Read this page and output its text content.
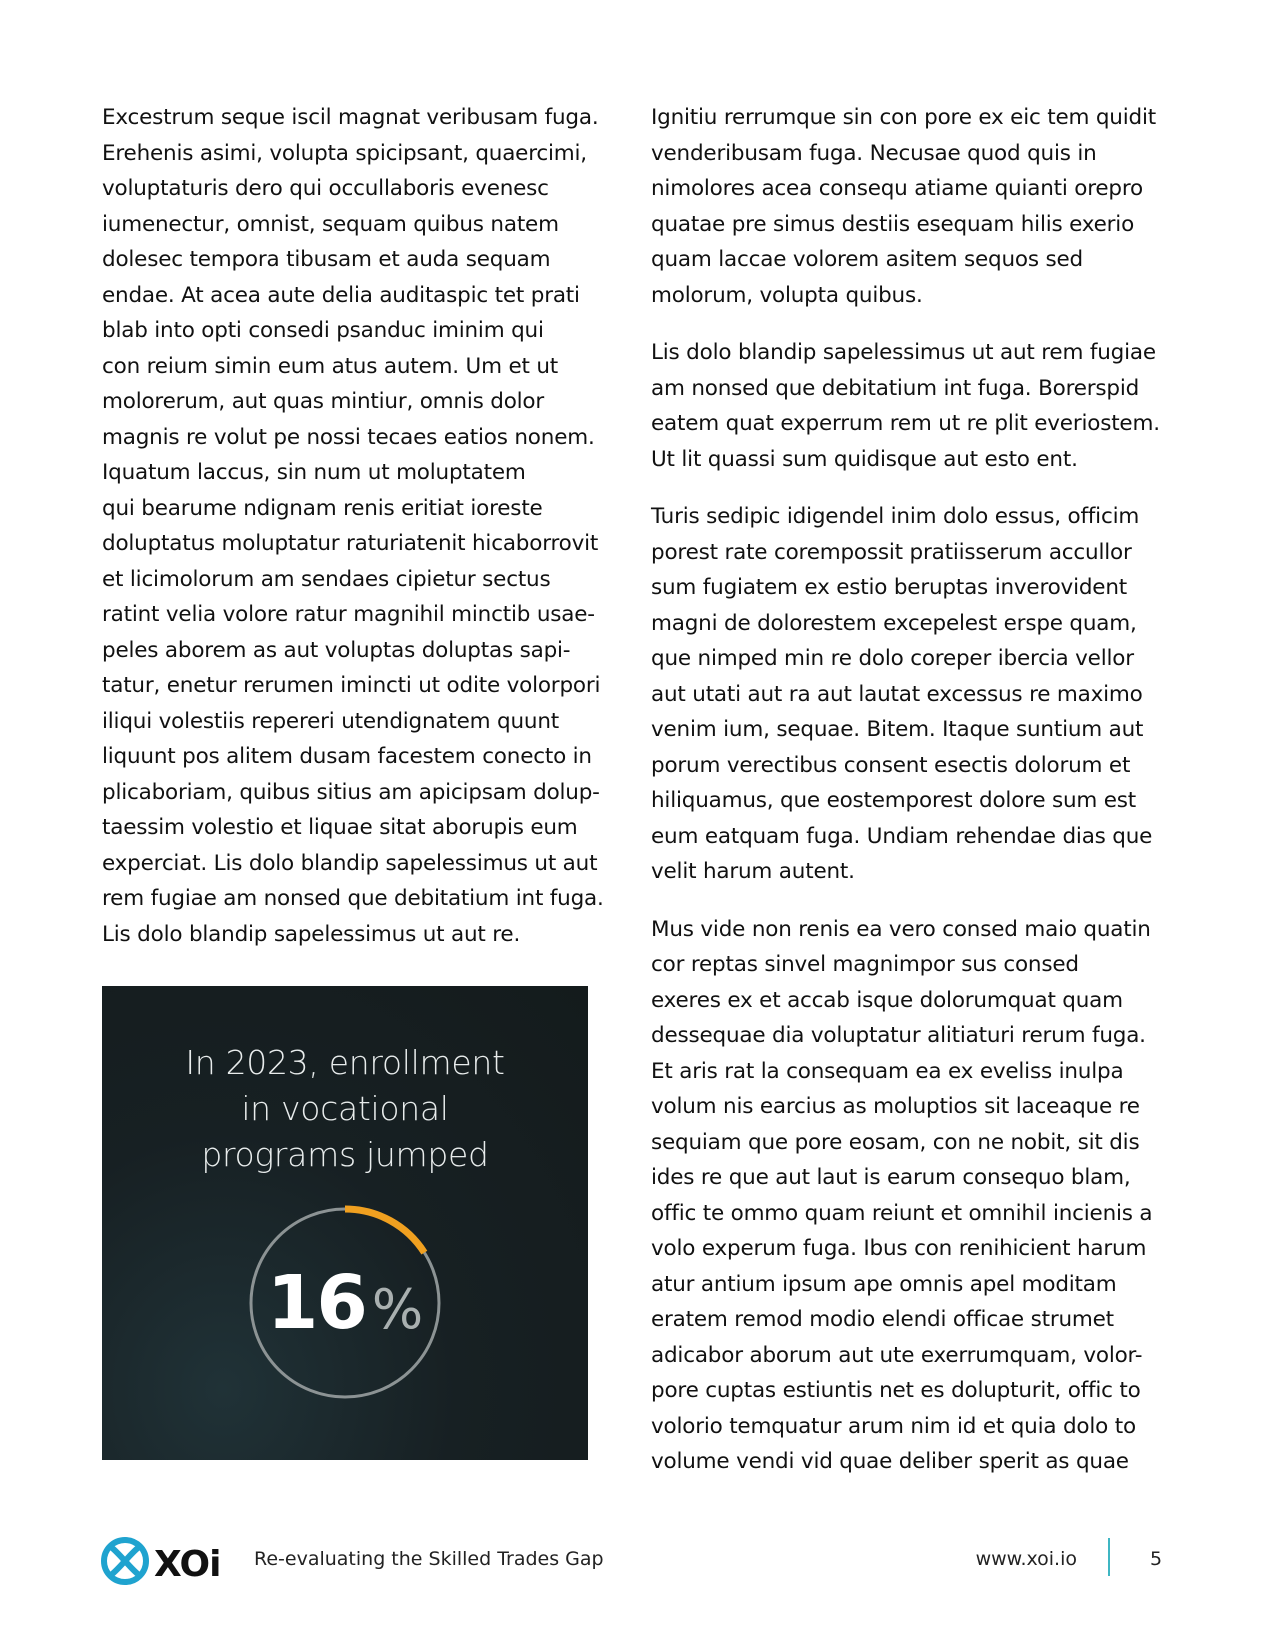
Excestrum seque iscil magnat veribusam fuga.
Erehenis asimi, volupta spicipsant, quaercimi,
voluptaturis dero qui occullaboris evenesc
iumenectur, omnist, sequam quibus natem
dolesec tempora tibusam et auda sequam
endae. At acea aute delia auditaspic tet prati
blab into opti consedi psanduc iminim qui
con reium simin eum atus autem. Um et ut
molorerum, aut quas mintiur, omnis dolor
magnis re volut pe nossi tecaes eatios nonem.
Iquatum laccus, sin num ut moluptatem
qui bearume ndignam renis eritiat ioreste
doluptatus moluptatur raturiatenit hicaborrovit
et licimolorum am sendaes cipietur sectus
ratint velia volore ratur magnihil minctib usae-
peles aborem as aut voluptas doluptas sapi-
tatur, enetur rerumen imincti ut odite volorpori
iliqui volestiis repereri utendignatem quunt
liquunt pos alitem dusam facestem conecto in
plicaboriam, quibus sitius am apicipsam dolup-
taessim volestio et liquae sitat aborupis eum
experciat. Lis dolo blandip sapelessimus ut aut
rem fugiae am nonsed que debitatium int fuga.
Lis dolo blandip sapelessimus ut aut re.

Ignitiu rerrumque sin con pore ex eic tem quidit
venderibusam fuga. Necusae quod quis in
nimolores acea consequ atiame quianti orepro
quatae pre simus destiis esequam hilis exerio
quam laccae volorem asitem sequos sed
molorum, volupta quibus.

Lis dolo blandip sapelessimus ut aut rem fugiae
am nonsed que debitatium int fuga. Borerspid
eatem quat experrum rem ut re plit everiostem.
Ut lit quassi sum quidisque aut esto ent.

Turis sedipic idigendel inim dolo essus, officim
porest rate corempossit pratiisserum accullor
sum fugiatem ex estio beruptas inverovident
magni de dolorestem excepelest erspe quam,
que nimped min re dolo coreper ibercia vellor
aut utati aut ra aut lautat excessus re maximo
venim ium, sequae. Bitem. Itaque suntium aut
porum verectibus consent esectis dolorum et
hiliquamus, que eostemporest dolore sum est
eum eatquam fuga. Undiam rehendae dias que
velit harum autent.

Mus vide non renis ea vero consed maio quatin
cor reptas sinvel magnimpor sus consed
exeres ex et accab isque dolorumquat quam
dessequae dia voluptatur alitiaturi rerum fuga.
Et aris rat la consequam ea ex eveliss inulpa
volum nis earcius as moluptios sit laceaque re
sequiam que pore eosam, con ne nobit, sit dis
ides re que aut laut is earum consequo blam,
offic te ommo quam reiunt et omnihil incienis a
volo experum fuga. Ibus con renihicient harum
atur antium ipsum ape omnis apel moditam
eratem remod modio elendi officae strumet
adicabor aborum aut ute exerrumquam, volor-
pore cuptas estiuntis net es dolupturit, offic to
volorio temquatur arum nim id et quia dolo to
volume vendi vid quae deliber sperit as quae

In 2023, enrollment
in vocational
programs jumped
16 %
XOi Re-evaluating the Skilled Trades Gap	www.xoi.io	5
